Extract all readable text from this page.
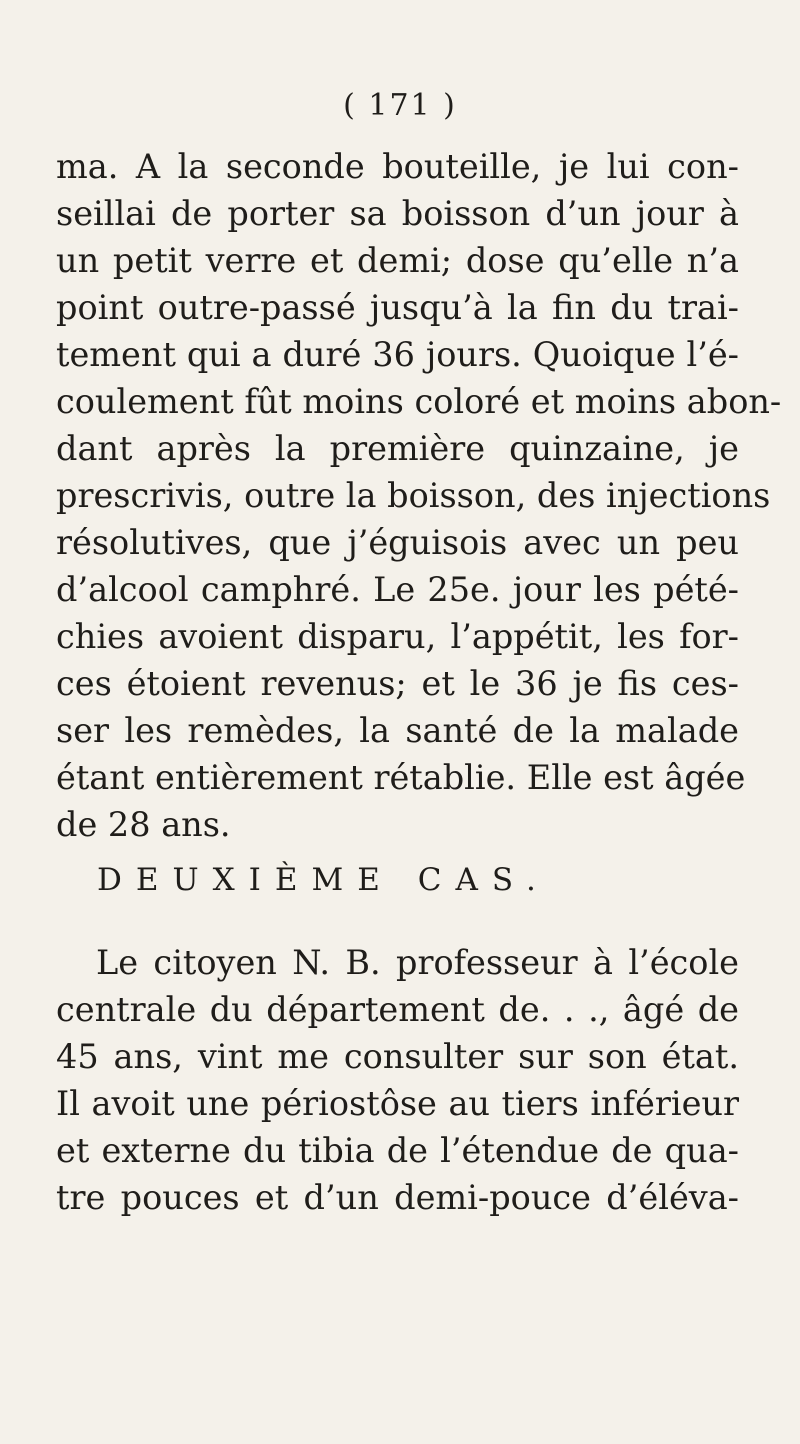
( 171 )
ma. A la seconde bouteille, je lui con-
seillai de porter sa boisson d’un jour à
un petit verre et demi; dose qu’elle n’a
point outre-passé jusqu’à la fin du trai-
tement qui a duré 36 jours. Quoique l’é-
coulement fût moins coloré et moins abon-
dant après la première quinzaine, je
prescrivis, outre la boisson, des injections
résolutives, que j’éguisois avec un peu
d’alcool camphré. Le 25e. jour les pété-
chies avoient disparu, l’appétit, les for-
ces étoient revenus; et le 36 je fis ces-
ser les remèdes, la santé de la malade
étant entièrement rétablie. Elle est âgée
de 28 ans.
DEUXIÈME CAS.
Le citoyen N. B. professeur à l’école
centrale du département de. . ., âgé de
45 ans, vint me consulter sur son état.
Il avoit une périostôse au tiers inférieur
et externe du tibia de l’étendue de qua-
tre pouces et d’un demi-pouce d’éléva-
